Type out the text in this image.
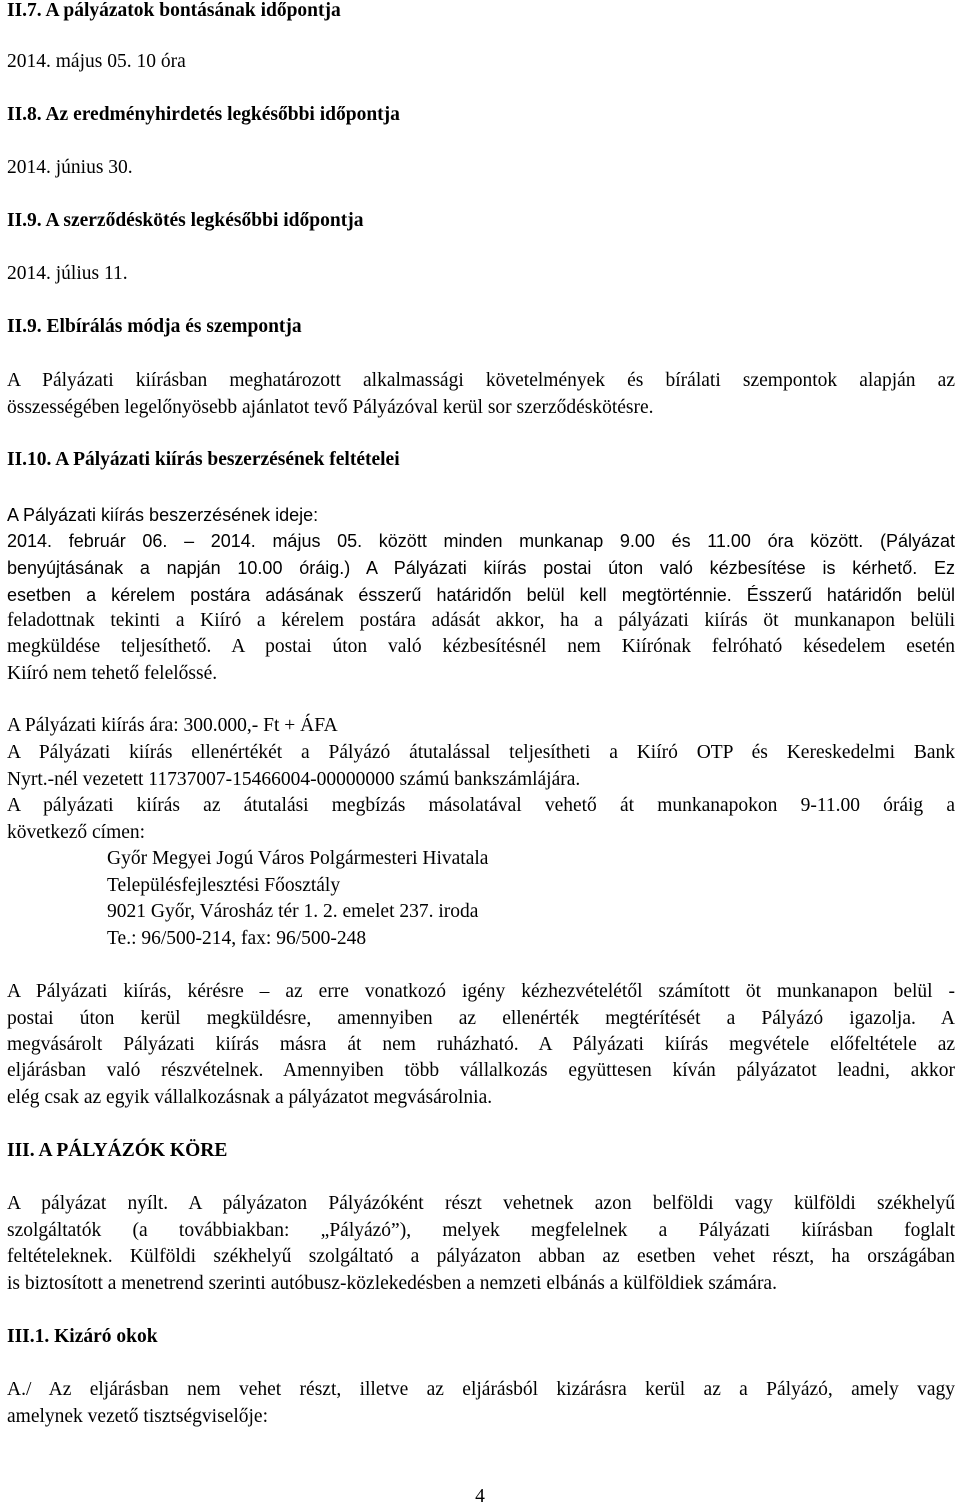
II.7. A pályázatok bontásának időpontja
2014. május 05. 10 óra
II.8. Az eredményhirdetés legkésőbbi időpontja
2014. június 30.
II.9. A szerződéskötés legkésőbbi időpontja
2014. július 11.
II.9. Elbírálás módja és szempontja
A Pályázati kiírásban meghatározott alkalmassági követelmények és bírálati szempontok alapján az
összességében legelőnyösebb ajánlatot tevő Pályázóval kerül sor szerződéskötésre.
II.10. A Pályázati kiírás beszerzésének feltételei
A Pályázati kiírás beszerzésének ideje:
2014. február 06. – 2014. május 05. között minden munkanap 9.00 és 11.00 óra között. (Pályázat
benyújtásának a napján 10.00 óráig.) A Pályázati kiírás postai úton való kézbesítése is kérhető. Ez
esetben a kérelem postára adásának ésszerű határidőn belül kell megtörténnie. Ésszerű határidőn belül
feladottnak tekinti a Kiíró a kérelem postára adását akkor, ha a pályázati kiírás öt munkanapon belüli
megküldése teljesíthető. A postai úton való kézbesítésnél nem Kiírónak felróható késedelem esetén
Kiíró nem tehető felelőssé.
A Pályázati kiírás ára: 300.000,- Ft + ÁFA
A Pályázati kiírás ellenértékét a Pályázó átutalással teljesítheti a Kiíró OTP és Kereskedelmi Bank
Nyrt.-nél vezetett 11737007-15466004-00000000 számú bankszámlájára.
A pályázati kiírás az átutalási megbízás másolatával vehető át munkanapokon 9-11.00 óráig a
következő címen:
Győr Megyei Jogú Város Polgármesteri Hivatala
Településfejlesztési Főosztály
9021 Győr, Városház tér 1. 2. emelet 237. iroda
Te.: 96/500-214, fax: 96/500-248
A Pályázati kiírás, kérésre – az erre vonatkozó igény kézhezvételétől számított öt munkanapon belül -
postai úton kerül megküldésre, amennyiben az ellenérték megtérítését a Pályázó igazolja. A
megvásárolt Pályázati kiírás másra át nem ruházható. A Pályázati kiírás megvétele előfeltétele az
eljárásban való részvételnek. Amennyiben több vállalkozás együttesen kíván pályázatot leadni, akkor
elég csak az egyik vállalkozásnak a pályázatot megvásárolnia.
III. A PÁLYÁZÓK KÖRE
A pályázat nyílt. A pályázaton Pályázóként részt vehetnek azon belföldi vagy külföldi székhelyű
szolgáltatók (a továbbiakban: „Pályázó”), melyek megfelelnek a Pályázati kiírásban foglalt
feltételeknek. Külföldi székhelyű szolgáltató a pályázaton abban az esetben vehet részt, ha országában
is biztosított a menetrend szerinti autóbusz-közlekedésben a nemzeti elbánás a külföldiek számára.
III.1. Kizáró okok
A./ Az eljárásban nem vehet részt, illetve az eljárásból kizárásra kerül az a Pályázó, amely vagy
amelynek vezető tisztségviselője:
4
